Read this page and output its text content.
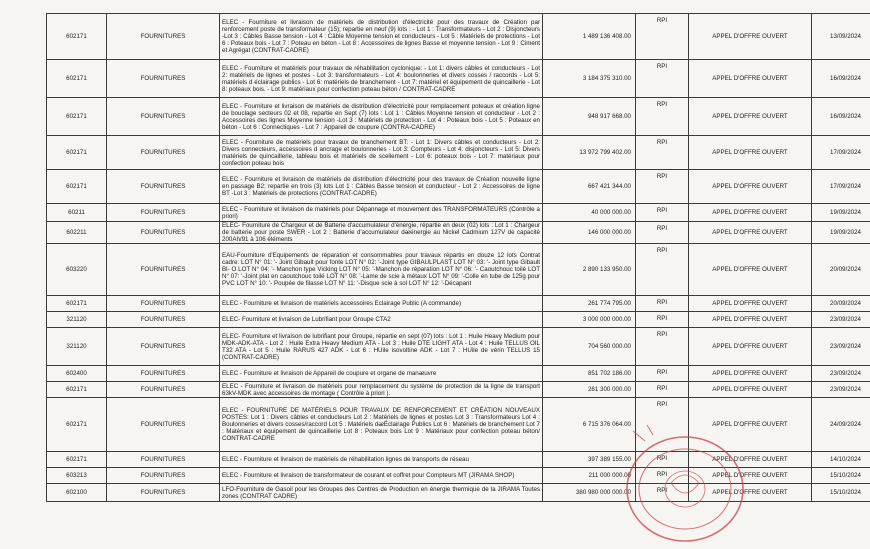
602171	FOURNITURES	ELEC - Fourniture et livraison de matériels de distribution d'électricité pour des travaux de Création par renforcement poste de transformateur (15); repartie en neuf (9) lots : - Lot 1 : Transformateurs - Lot 2 : Disjoncteurs -Lot 3 : Câbles Basse tension - Lot 4 : Câble Moyenne tension et conducteurs - Lot 5 : Matériels de protections - Lot 6 : Poteaux bois - Lot 7 : Poteau en béton - Lot 8 : Accessoires de lignes Basse et moyenne tension - Lot 9 : Ciment et Agrégat (CONTRAT-CADRE)	1 489 136 408.00	RPI	APPEL D'OFFRE OUVERT	13/09/2024
602171	FOURNITURES	ELEC - Fourniture et matériels pour travaux de réhabilitation cyclonique: - Lot 1: divers câbles et conducteurs - Lot 2: matériels de lignes et postes - Lot 3: transformateurs - Lot 4: boulonneries et divers cosses / raccords - Lot 5: matériels d éclairage publics - Lot 6: matériels de branchement - Lot 7: matériel et équipement de quincaillerie - Lot 8: poteaux bois. - Lot 9: matériaux pour confection poteau béton / CONTRAT-CADRE	3 184 375 310.00	RPI	APPEL D'OFFRE OUVERT	16/09/2024
602171	FOURNITURES	ELEC - Fourniture et livraison de matériels de distribution d'électricité pour remplacement poteaux et création ligne de bouclage secteurs 02 et 08, repartie en Sept (7) lots : Lot 1 : Câbles Moyenne tension et conducteur - Lot 2 : Accessoires des lignes Moyenne tension -Lot 3 : Matériels de protection - Lot 4 : Poteaux bois - Lot 5 : Poteaux en béton - Lot 6 : Connectiques - Lot 7 : Appareil de coupure (CONTRA-CADRE)	948 917 668.00	RPI	APPEL D'OFFRE OUVERT	16/09/2024
602171	FOURNITURES	ELEC - Fourniture de matériels pour travaux de branchement BT: - Lot 1: Divers câbles et conducteurs - Lot 2: Divers connecteurs, accessoires d ancrage et boulonneries - Lot 3: Compteurs - Lot 4: disjoncteurs - Lot 5: Divers matériels de quincaillerie, tableau bois et matériels de scellement - Lot 6: poteaux bois - Lot 7: matériaux pour confection poteau bois	13 972 799 402.00	RPI	APPEL D'OFFRE OUVERT	17/09/2024
602171	FOURNITURES	ELEC - Fourniture et livraison de matériels de distribution d'électricité pour des travaux de Création nouvelle ligne en passage B2; repartie en trois (3) lots Lot 1 : Câbles Basse tension et conducteur - Lot 2 : Accessoires de ligne BT -Lot 3 : Matériels de protections (CONTRAT-CADRE)	667 421 344.00	RPI	APPEL D'OFFRE OUVERT	17/09/2024
60211	FOURNITURES	ELEC - Fourniture et livraison de matériels pour Dépannage et mouvement des TRANSFORMATEURS (Contrôle a priori)	40 000 000.00	RPI	APPEL D'OFFRE OUVERT	19/09/2024
602211	FOURNITURES	ELEC- Fourniture de Chargeur et de Batterie d'accumulateur d'énergie, répartie en deux (02) lots : Lot 1 : Chargeur de batterie pour poste SWER - Lot 2 : Batterie d'accumulateur dᴂénergie au Nickel Cadmium 127V de capacité 200Ah/91 à 106 éléments	146 000 000.00	RPI	APPEL D'OFFRE OUVERT	19/09/2024
603220	FOURNITURES	EAU-Fourniture d'Equipements de réparation et consommables pour travaux répartis en douze 12 lots Contrat cadre: LOT N° 01: '- Joint Gibault pour fonte LOT N° 02: '-Joint type GIBAULPLAST LOT N° 03: '- Joint type Gibault Bl- O LOT N° 04: '- Manchon type Vicking LOT N° 05: '-Manchon de réparation LOT N° 06: '- Caoutchouc toilé LOT N° 07: '-Joint plat en caoutchouc toilé LOT N° 08: '-Lame de scie à métaux LOT N° 09: '-Colle en tube de 125g pour PVC LOT N° 10: '- Poupée de filasse LOT N° 11: '-Disque scie à sol LOT N° 12: '-Décapant	2 890 133 950.00	RPI	APPEL D'OFFRE OUVERT	20/09/2024
602171	FOURNITURES	ELEC - Fourniture et livraison de matériels accessoires Eclairage Public (A commande)	261 774 795.00	RPI	APPEL D'OFFRE OUVERT	20/09/2024
321120	FOURNITURES	ELEC- Fourniture et livraison de Lubrifiant pour Groupe CTA2	3 000 000 000.00	RPI	APPEL D'OFFRE OUVERT	23/09/2024
321120	FOURNITURES	ELEC- Fourniture et livraison de lubrifiant pour Groupe, répartie en sept (07) lots : Lot 1 : Huile Heavy Medium pour MDK-ADK-ATA - Lot 2 : Huile Extra Heavy Medium ATA - Lot 3 : Huile DTE LIGHT ATA - Lot 4 : Huile TELLUS OIL T32 ATA - Lot 5 : Huile RARUS 427 ADK - Lot 6 : HUile isovoltine ADK - Lot 7 : HUile de vérin TELLUS 15 (CONTRAT-CADRE)	704 560 000.00	RPI	APPEL D'OFFRE OUVERT	23/09/2024
602400	FOURNITURES	ELEC - Fourniture et livraison de Appareil de coupure et organe de manᴂuvre	851 702 186.00	RPI	APPEL D'OFFRE OUVERT	23/09/2024
602171	FOURNITURES	ELEC - Fourniture et livraison de matériels pour remplacement du système de protection de la ligne de transport 63kV-MDK avec accessoires de montage ( Contrôle à priori ).	261 300 000.00	RPI	APPEL D'OFFRE OUVERT	23/09/2024
602171	FOURNITURES	ELEC - FOURNITURE DE MATÉRIELS POUR TRAVAUX DE RENFORCEMENT ET CRÉATION NOUVEAUX POSTES: Lot 1 : Divers câbles et conducteurs Lot 2 : Matériels de lignes et postes Lot 3 : Transformateurs Lot 4 : Boulonneries et divers cosses/raccord Lot 5 : Matériels dᴂÉclairage Publics Lot 6 : Matériels de branchement Lot 7 : Matériaux et équipement de quincaillerie Lot 8 : Poteaux bois Lot 9 : Matériaux pour confection poteau béton/ CONTRAT-CADRE	6 715 376 064.00	RPI	APPEL D'OFFRE OUVERT	24/09/2024
602171	FOURNITURES	ELEC - Fourniture et livraison de matériels de réhabilitation lignes de transports de réseau	397 389 155.00	RPI	APPEL D'OFFRE OUVERT	14/10/2024
603213	FOURNITURES	ELEC - Fourniture et livraison de transformateur de courant et coffret pour Compteurs MT (JIRAMA SHOP)	211 000 000.00	RPI	APPEL D'OFFRE OUVERT	15/10/2024
602100	FOURNITURES	LFO-Fourniture de Gasoil pour les Groupes des Centres de Production en énergie thermique de la JIRAMA Toutes zones (CONTRAT CADRE)	380 980 000 000.00	RPI	APPEL D'OFFRE OUVERT	15/10/2024
